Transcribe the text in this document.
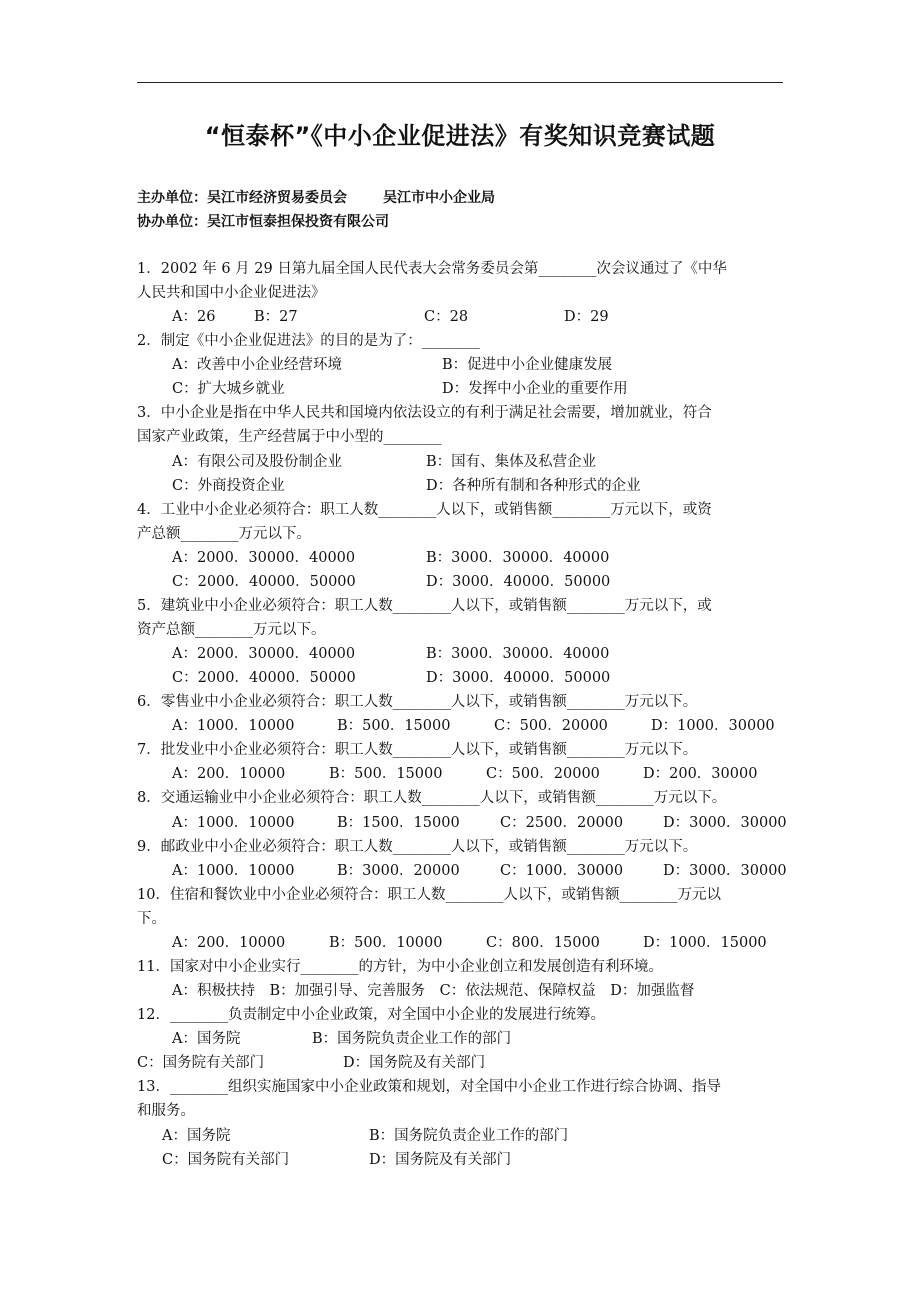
“恒泰杯”《中小企业促进法》有奖知识竞赛试题
主办单位：吴江市经济贸易委员会	吴江市中小企业局
协办单位：吴江市恒泰担保投资有限公司
1．2002 年 6 月 29 日第九届全国人民代表大会常务委员会第________次会议通过了《中华
人民共和国中小企业促进法》
A：26	B：27	C：28	D：29
2．制定《中小企业促进法》的目的是为了：________
A：改善中小企业经营环境	B：促进中小企业健康发展
C：扩大城乡就业	D：发挥中小企业的重要作用
3．中小企业是指在中华人民共和国境内依法设立的有利于满足社会需要，增加就业，符合
国家产业政策，生产经营属于中小型的________
A：有限公司及股份制企业	B：国有、集体及私营企业
C：外商投资企业	D：各种所有制和各种形式的企业
4．工业中小企业必须符合：职工人数________人以下，或销售额________万元以下，或资
产总额________万元以下。
A：2000．30000．40000	B：3000．30000．40000
C：2000．40000．50000	D：3000．40000．50000
5．建筑业中小企业必须符合：职工人数________人以下，或销售额________万元以下，或
资产总额________万元以下。
A：2000．30000．40000	B：3000．30000．40000
C：2000．40000．50000	D：3000．40000．50000
6．零售业中小企业必须符合：职工人数________人以下，或销售额________万元以下。
A：1000．10000	B：500．15000	C：500．20000	D：1000．30000
7．批发业中小企业必须符合：职工人数________人以下，或销售额________万元以下。
A：200．10000	B：500．15000	C：500．20000	D：200．30000
8．交通运输业中小企业必须符合：职工人数________人以下，或销售额________万元以下。
A：1000．10000	B：1500．15000	C：2500．20000	D：3000．30000
9．邮政业中小企业必须符合：职工人数________人以下，或销售额________万元以下。
A：1000．10000	B：3000．20000	C：1000．30000	D：3000．30000
10．住宿和餐饮业中小企业必须符合：职工人数________人以下，或销售额________万元以
下。
A：200．10000	B：500．10000	C：800．15000	D：1000．15000
11．国家对中小企业实行________的方针，为中小企业创立和发展创造有利环境。
A：积极扶持　B：加强引导、完善服务　C：依法规范、保障权益　D：加强监督
12．________负责制定中小企业政策，对全国中小企业的发展进行统筹。
A：国务院	B：国务院负责企业工作的部门
C：国务院有关部门	D：国务院及有关部门
13．________组织实施国家中小企业政策和规划，对全国中小企业工作进行综合协调、指导
和服务。
A：国务院	B：国务院负责企业工作的部门
C：国务院有关部门	D：国务院及有关部门
